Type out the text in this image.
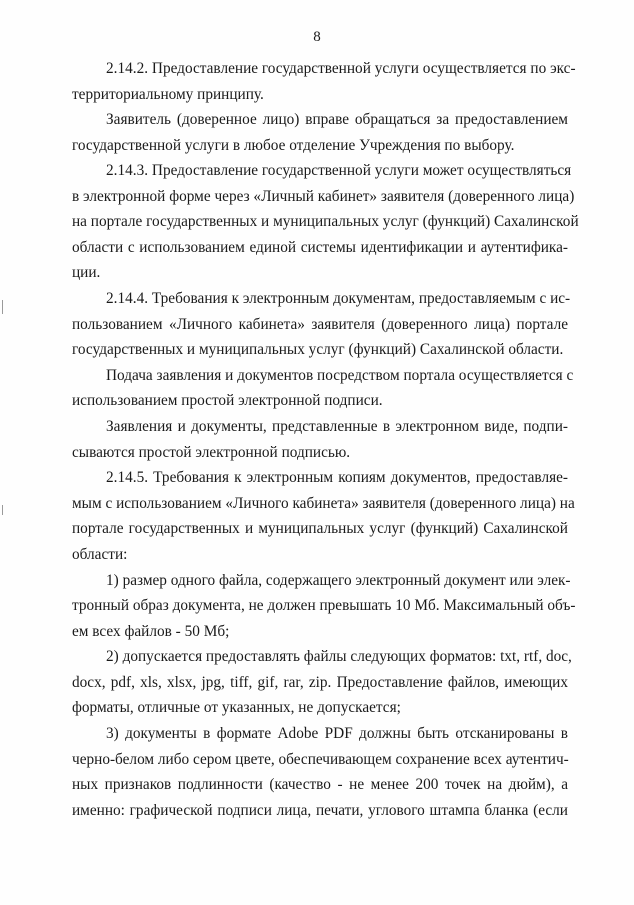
8
2.14.2. Предоставление государственной услуги осуществляется по экс-
территориальному принципу.
Заявитель (доверенное лицо) вправе обращаться за предоставлением
государственной услуги в любое отделение Учреждения по выбору.
2.14.3. Предоставление государственной услуги может осуществляться
в электронной форме через «Личный кабинет» заявителя (доверенного лица)
на портале государственных и муниципальных услуг (функций) Сахалинской
области с использованием единой системы идентификации и аутентифика-
ции.
2.14.4. Требования к электронным документам, предоставляемым с ис-
пользованием «Личного кабинета» заявителя (доверенного лица) портале
государственных и муниципальных услуг (функций) Сахалинской области.
Подача заявления и документов посредством портала осуществляется с
использованием простой электронной подписи.
Заявления и документы, представленные в электронном виде, подпи-
сываются простой электронной подписью.
2.14.5. Требования к электронным копиям документов, предоставляе-
мым с использованием «Личного кабинета» заявителя (доверенного лица) на
портале государственных и муниципальных услуг (функций) Сахалинской
области:
1) размер одного файла, содержащего электронный документ или элек-
тронный образ документа, не должен превышать 10 Мб. Максимальный объ-
ем всех файлов - 50 Мб;
2) допускается предоставлять файлы следующих форматов: txt, rtf, doc,
docx, pdf, xls, xlsx, jpg, tiff, gif, rar, zip. Предоставление файлов, имеющих
форматы, отличные от указанных, не допускается;
3) документы в формате Adobe PDF должны быть отсканированы в
черно-белом либо сером цвете, обеспечивающем сохранение всех аутентич-
ных признаков подлинности (качество - не менее 200 точек на дюйм), а
именно: графической подписи лица, печати, углового штампа бланка (если
